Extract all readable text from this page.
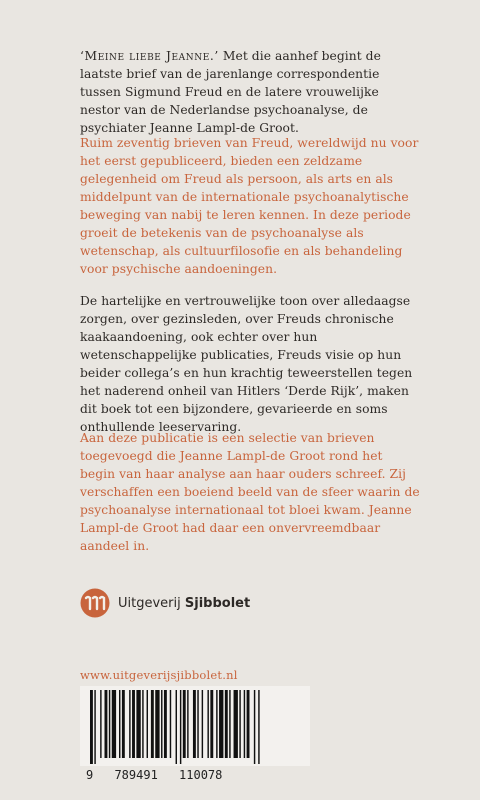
‘Meine liebe Jeanne.’ Met die aanhef begint de laatste brief van de jarenlange correspondentie tussen Sigmund Freud en de latere vrouwelijke nestor van de Nederlandse psychoanalyse, de psychiater Jeanne Lampl-de Groot.

Ruim zeventig brieven van Freud, wereldwijd nu voor het eerst gepubliceerd, bieden een zeldzame gelegenheid om Freud als persoon, als arts en als middelpunt van de internationale psychoanalytische beweging van nabij te leren kennen. In deze periode groeit de betekenis van de psychoanalyse als wetenschap, als cultuurfilosofie en als behandeling voor psychische aandoeningen.

De hartelijke en vertrouwelijke toon over alledaagse zorgen, over gezinsleden, over Freuds chronische kaakaandoening, ook echter over hun wetenschappelijke publicaties, Freuds visie op hun beider collega’s en hun krachtig teweerstellen tegen het naderend onheil van Hitlers ‘Derde Rijk’, maken dit boek tot een bijzondere, gevarieerde en soms onthullende leeservaring.

Aan deze publicatie is een selectie van brieven toegevoegd die Jeanne Lampl-de Groot rond het begin van haar analyse aan haar ouders schreef. Zij verschaffen een boeiend beeld van de sfeer waarin de psychoanalyse internationaal tot bloei kwam. Jeanne Lampl-de Groot had daar een onvervreemdbaar aandeel in.

Uitgeverij Sjibbolet
www.uitgeverijsjibbolet.nl
9 789491 110078
